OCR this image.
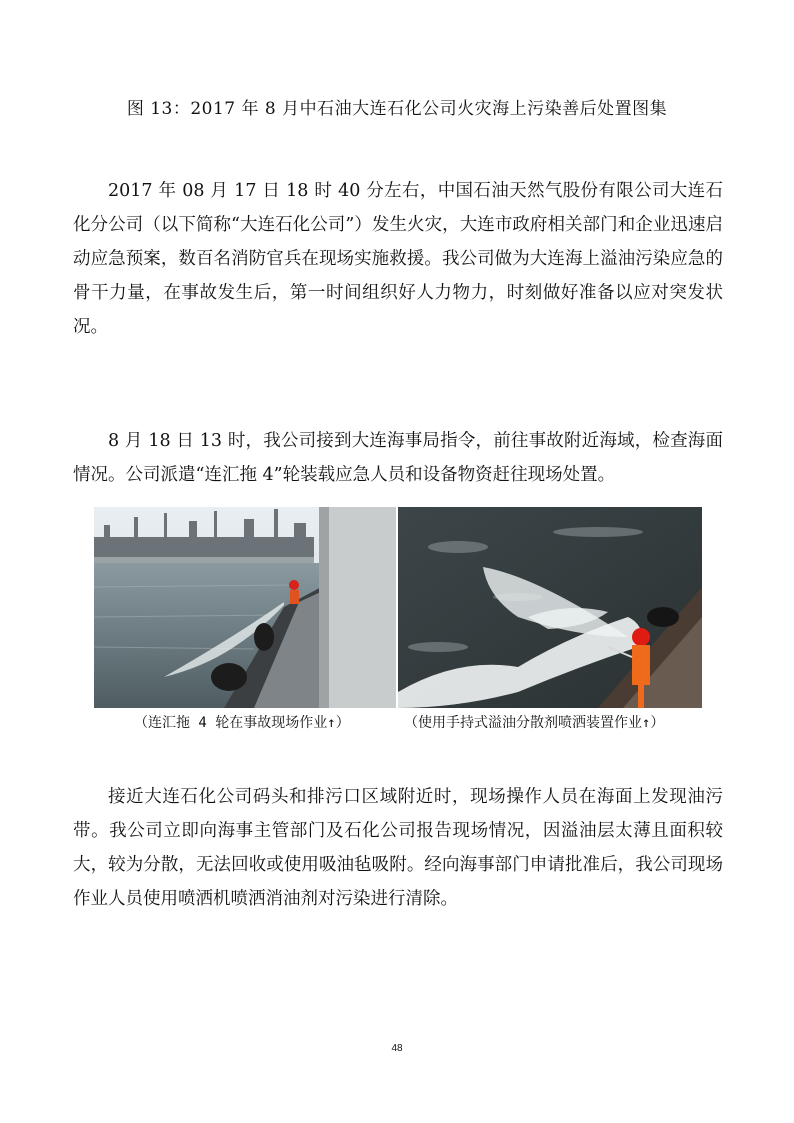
图 13：2017 年 8 月中石油大连石化公司火灾海上污染善后处置图集

2017 年 08 月 17 日 18 时 40 分左右，中国石油天然气股份有限公司大连石化分公司（以下简称“大连石化公司”）发生火灾，大连市政府相关部门和企业迅速启动应急预案，数百名消防官兵在现场实施救援。我公司做为大连海上溢油污染应急的骨干力量，在事故发生后，第一时间组织好人力物力，时刻做好准备以应对突发状况。

8 月 18 日 13 时，我公司接到大连海事局指令，前往事故附近海域，检查海面情况。公司派遣“连汇拖 4”轮装载应急人员和设备物资赶往现场处置。

（连汇拖 4 轮在事故现场作业↑）	（使用手持式溢油分散剂喷洒装置作业↑）

接近大连石化公司码头和排污口区域附近时，现场操作人员在海面上发现油污带。我公司立即向海事主管部门及石化公司报告现场情况，因溢油层太薄且面积较大，较为分散，无法回收或使用吸油毡吸附。经向海事部门申请批准后，我公司现场作业人员使用喷洒机喷洒消油剂对污染进行清除。

48
